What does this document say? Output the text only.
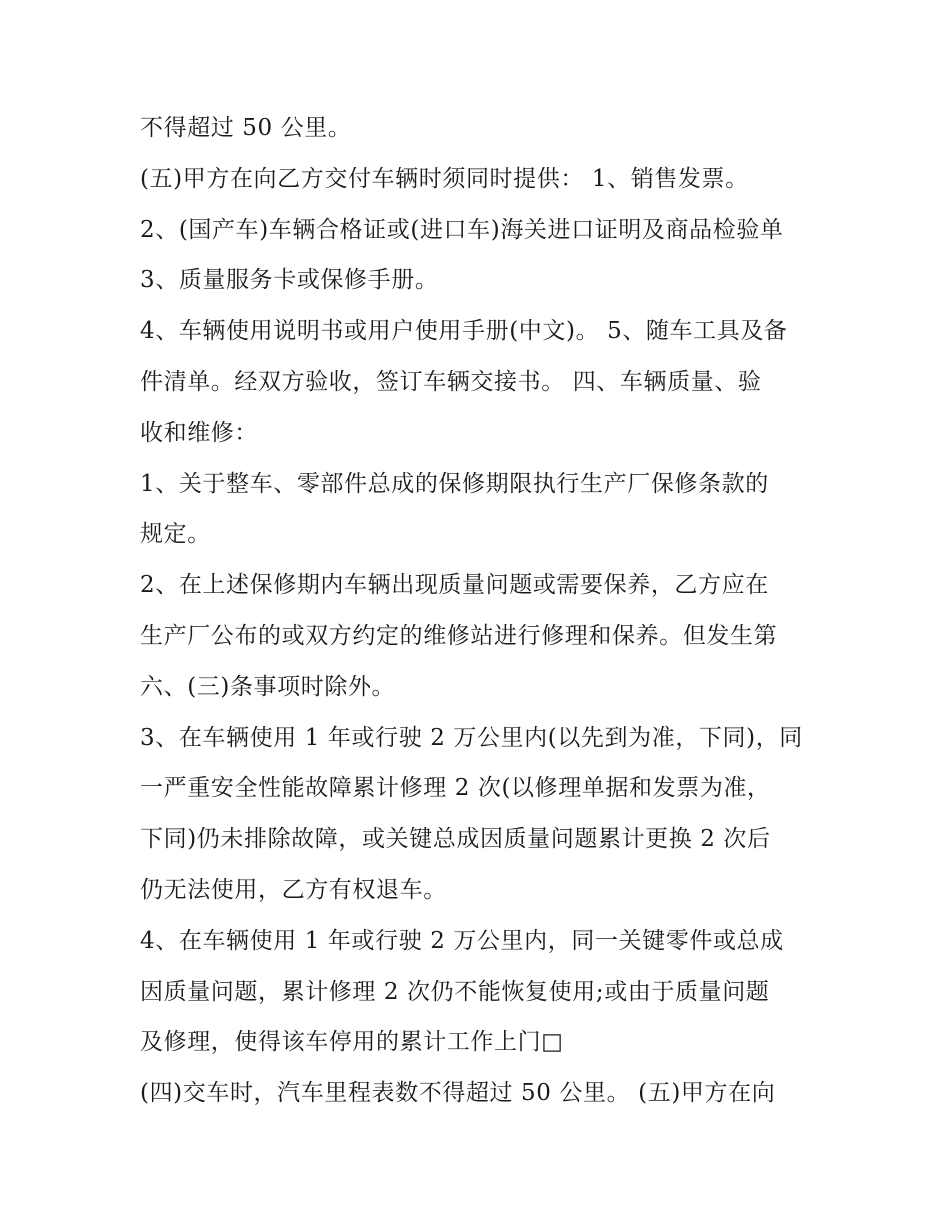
不得超过 50 公里。
(五)甲方在向乙方交付车辆时须同时提供： 1、销售发票。
2、(国产车)车辆合格证或(进口车)海关进口证明及商品检验单
3、质量服务卡或保修手册。
4、车辆使用说明书或用户使用手册(中文)。 5、随车工具及备
件清单。经双方验收，签订车辆交接书。 四、车辆质量、验
收和维修：
1、关于整车、零部件总成的保修期限执行生产厂保修条款的
规定。
2、在上述保修期内车辆出现质量问题或需要保养，乙方应在
生产厂公布的或双方约定的维修站进行修理和保养。但发生第
六、(三)条事项时除外。
3、在车辆使用 1 年或行驶 2 万公里内(以先到为准，下同)，同
一严重安全性能故障累计修理 2 次(以修理单据和发票为准，
下同)仍未排除故障，或关键总成因质量问题累计更换 2 次后
仍无法使用，乙方有权退车。
4、在车辆使用 1 年或行驶 2 万公里内，同一关键零件或总成
因质量问题，累计修理 2 次仍不能恢复使用;或由于质量问题
及修理，使得该车停用的累计工作上门□
(四)交车时，汽车里程表数不得超过 50 公里。 (五)甲方在向
